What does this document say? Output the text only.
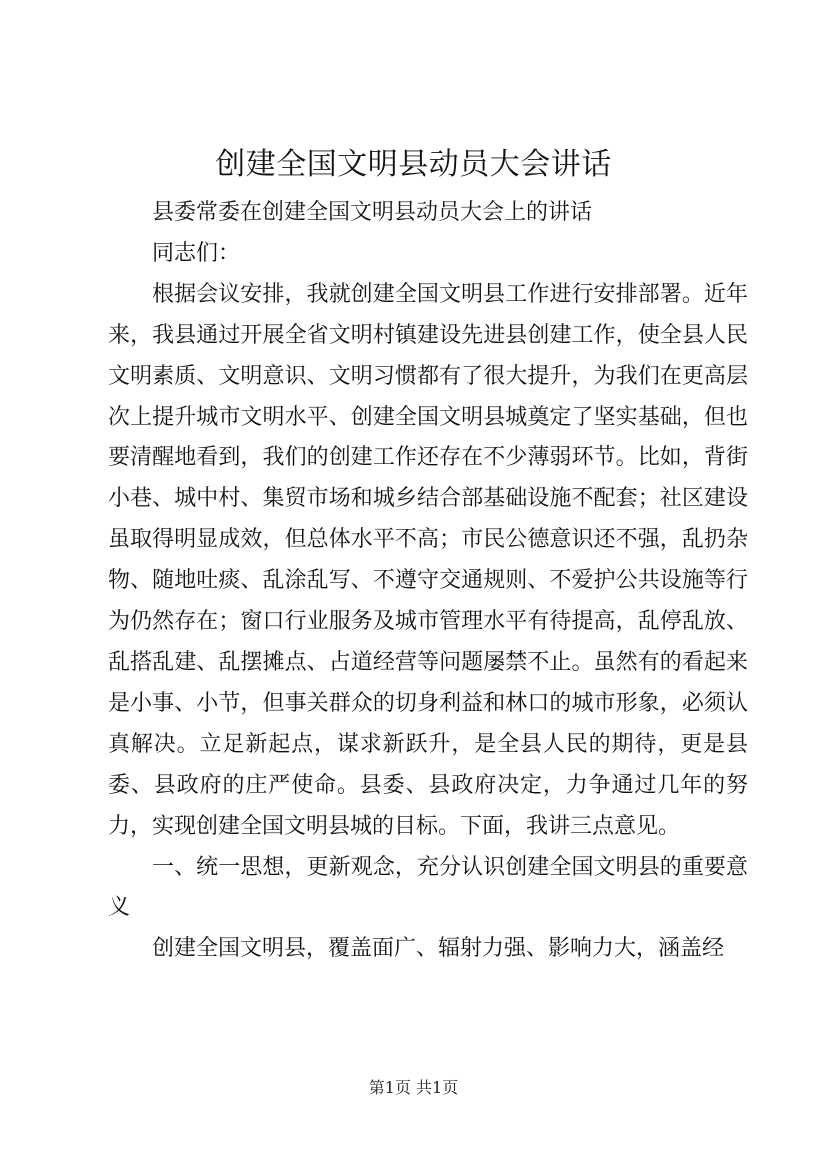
创建全国文明县动员大会讲话

县委常委在创建全国文明县动员大会上的讲话

同志们：

根据会议安排，我就创建全国文明县工作进行安排部署。近年来，我县通过开展全省文明村镇建设先进县创建工作，使全县人民文明素质、文明意识、文明习惯都有了很大提升，为我们在更高层次上提升城市文明水平、创建全国文明县城奠定了坚实基础，但也要清醒地看到，我们的创建工作还存在不少薄弱环节。比如，背街小巷、城中村、集贸市场和城乡结合部基础设施不配套；社区建设虽取得明显成效，但总体水平不高；市民公德意识还不强，乱扔杂物、随地吐痰、乱涂乱写、不遵守交通规则、不爱护公共设施等行为仍然存在；窗口行业服务及城市管理水平有待提高，乱停乱放、乱搭乱建、乱摆摊点、占道经营等问题屡禁不止。虽然有的看起来是小事、小节，但事关群众的切身利益和林口的城市形象，必须认真解决。立足新起点，谋求新跃升，是全县人民的期待，更是县委、县政府的庄严使命。县委、县政府决定，力争通过几年的努力，实现创建全国文明县城的目标。下面，我讲三点意见。

一、统一思想，更新观念，充分认识创建全国文明县的重要意义

创建全国文明县，覆盖面广、辐射力强、影响力大，涵盖经

第1页 共1页
